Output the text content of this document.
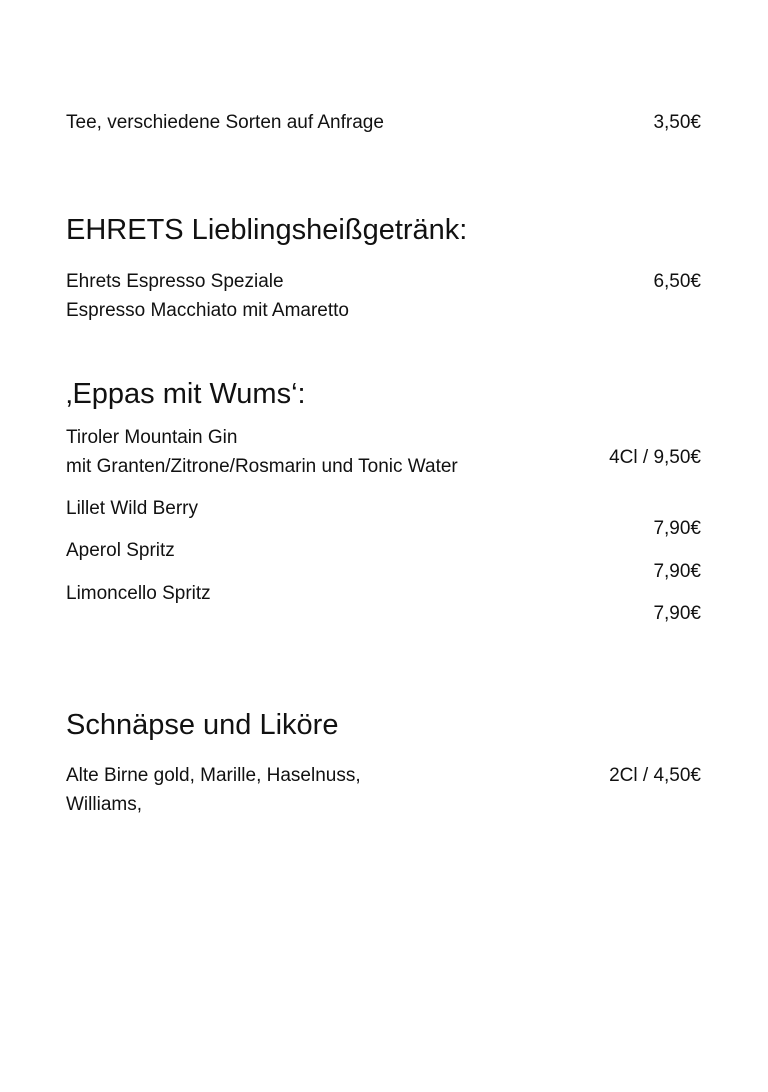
Tee, verschiedene Sorten auf Anfrage	3,50€
EHRETS Lieblingsheißgetränk:
Ehrets Espresso Speziale
Espresso Macchiato mit Amaretto
6,50€
‚Eppas mit Wums‘:
Tiroler Mountain Gin
mit Granten/Zitrone/Rosmarin und Tonic Water	4Cl / 9,50€
Lillet Wild Berry
Aperol Spritz
Limoncello Spritz
7,90€
7,90€
7,90€
Schnäpse und Liköre
Alte Birne gold, Marille, Haselnuss,
Williams,
2Cl / 4,50€
